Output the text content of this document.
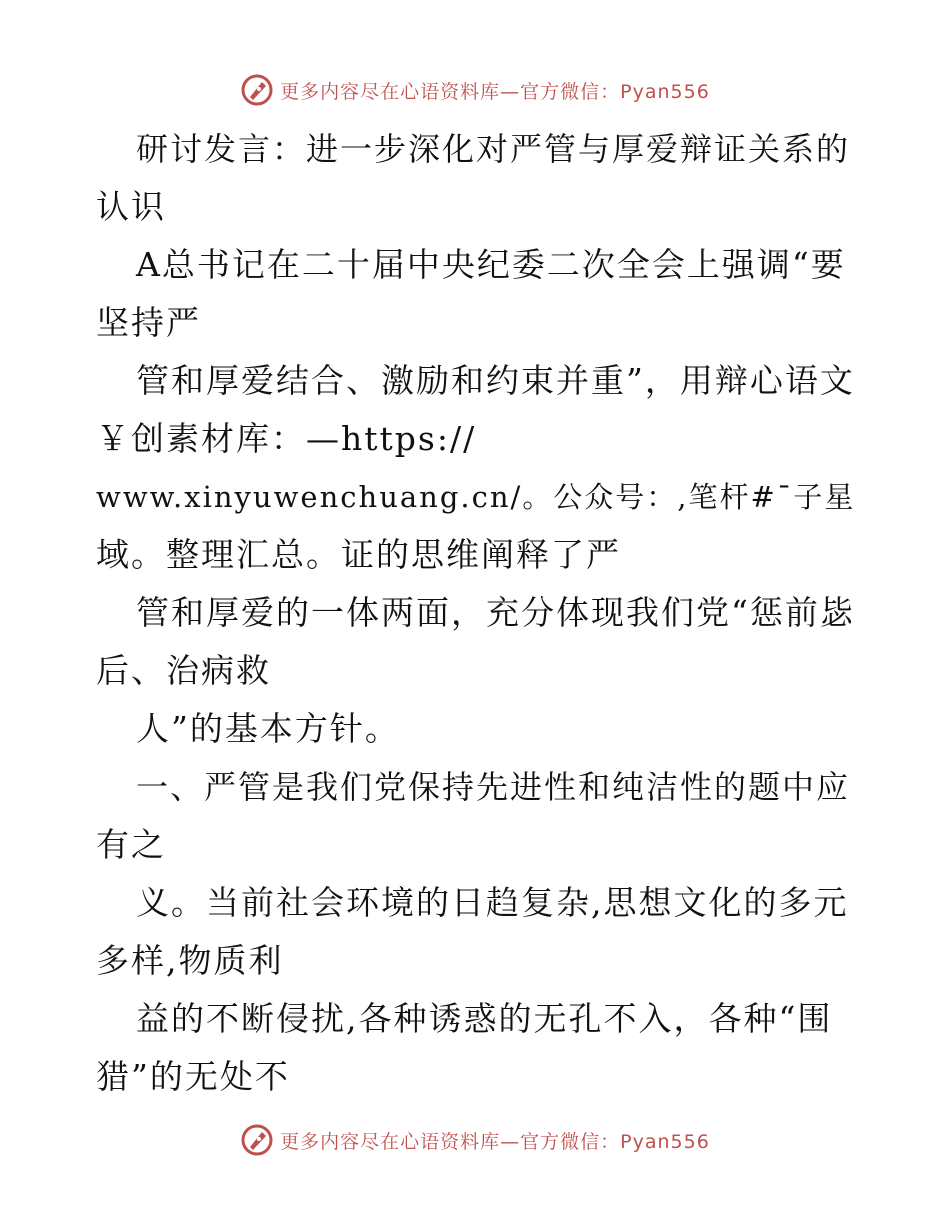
更多内容尽在心语资料库—官方微信：Pyan556

研讨发言：进一步深化对严管与厚爱辩证关系的

认识

A总书记在二十届中央纪委二次全会上强调“要

坚持严

管和厚爱结合、激励和约束并重”，用辩心语文

￥创素材库：—https://

www.xinyuwenchuang.cn/。公众号：,笔杆#¯子星

域。整理汇总。证的思维阐释了严

管和厚爱的一体两面，充分体现我们党“惩前毖

后、治病救

人”的基本方针。

一、严管是我们党保持先进性和纯洁性的题中应

有之

义。当前社会环境的日趋复杂,思想文化的多元

多样,物质利

益的不断侵扰,各种诱惑的无孔不入，各种“围

猎”的无处不

更多内容尽在心语资料库—官方微信：Pyan556
